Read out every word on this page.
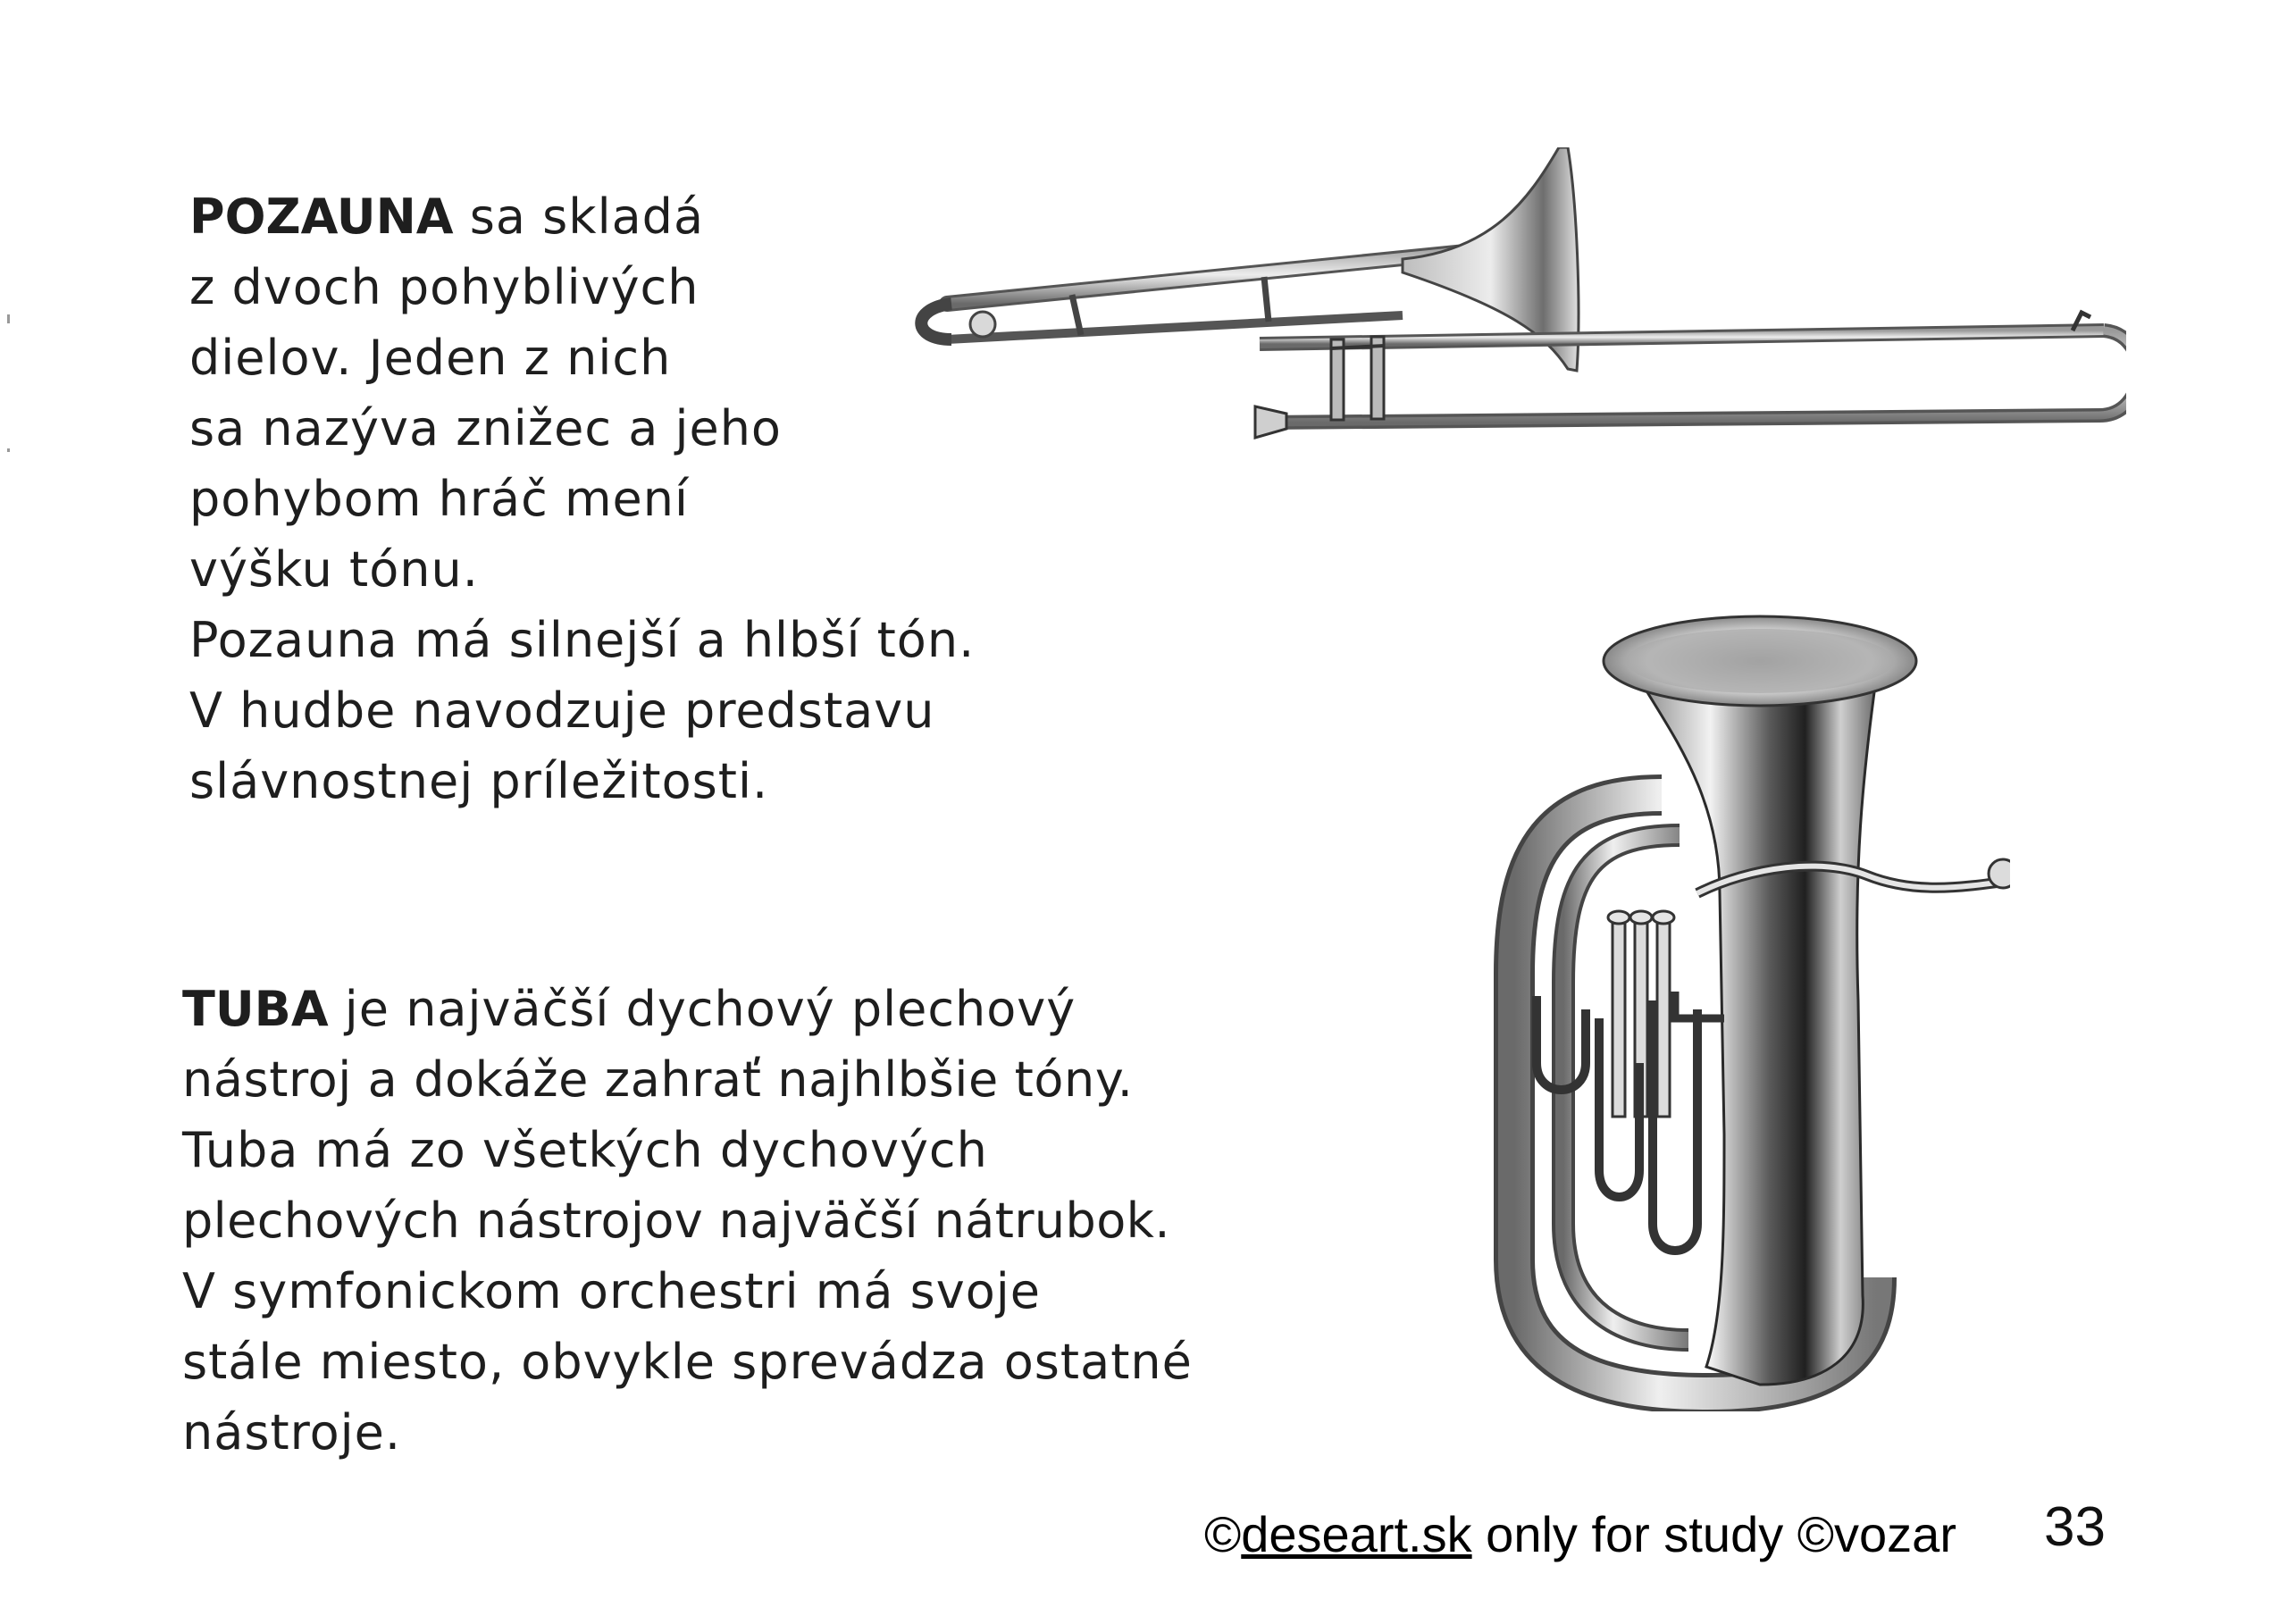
POZAUNA sa skladá
z dvoch pohyblivých
dielov. Jeden z nich
sa nazýva znižec a jeho
pohybom hráč mení
výšku tónu.
Pozauna má silnejší a hlbší tón.
V hudbe navodzuje predstavu
slávnostnej príležitosti.
TUBA je najväčší dychový plechový
nástroj a dokáže zahrať najhlbšie tóny.
Tuba má zo všetkých dychových
plechových nástrojov najväčší nátrubok.
V symfonickom orchestri má svoje
stále miesto, obvykle sprevádza ostatné
nástroje.
©deseart.sk only for study ©vozar 33
